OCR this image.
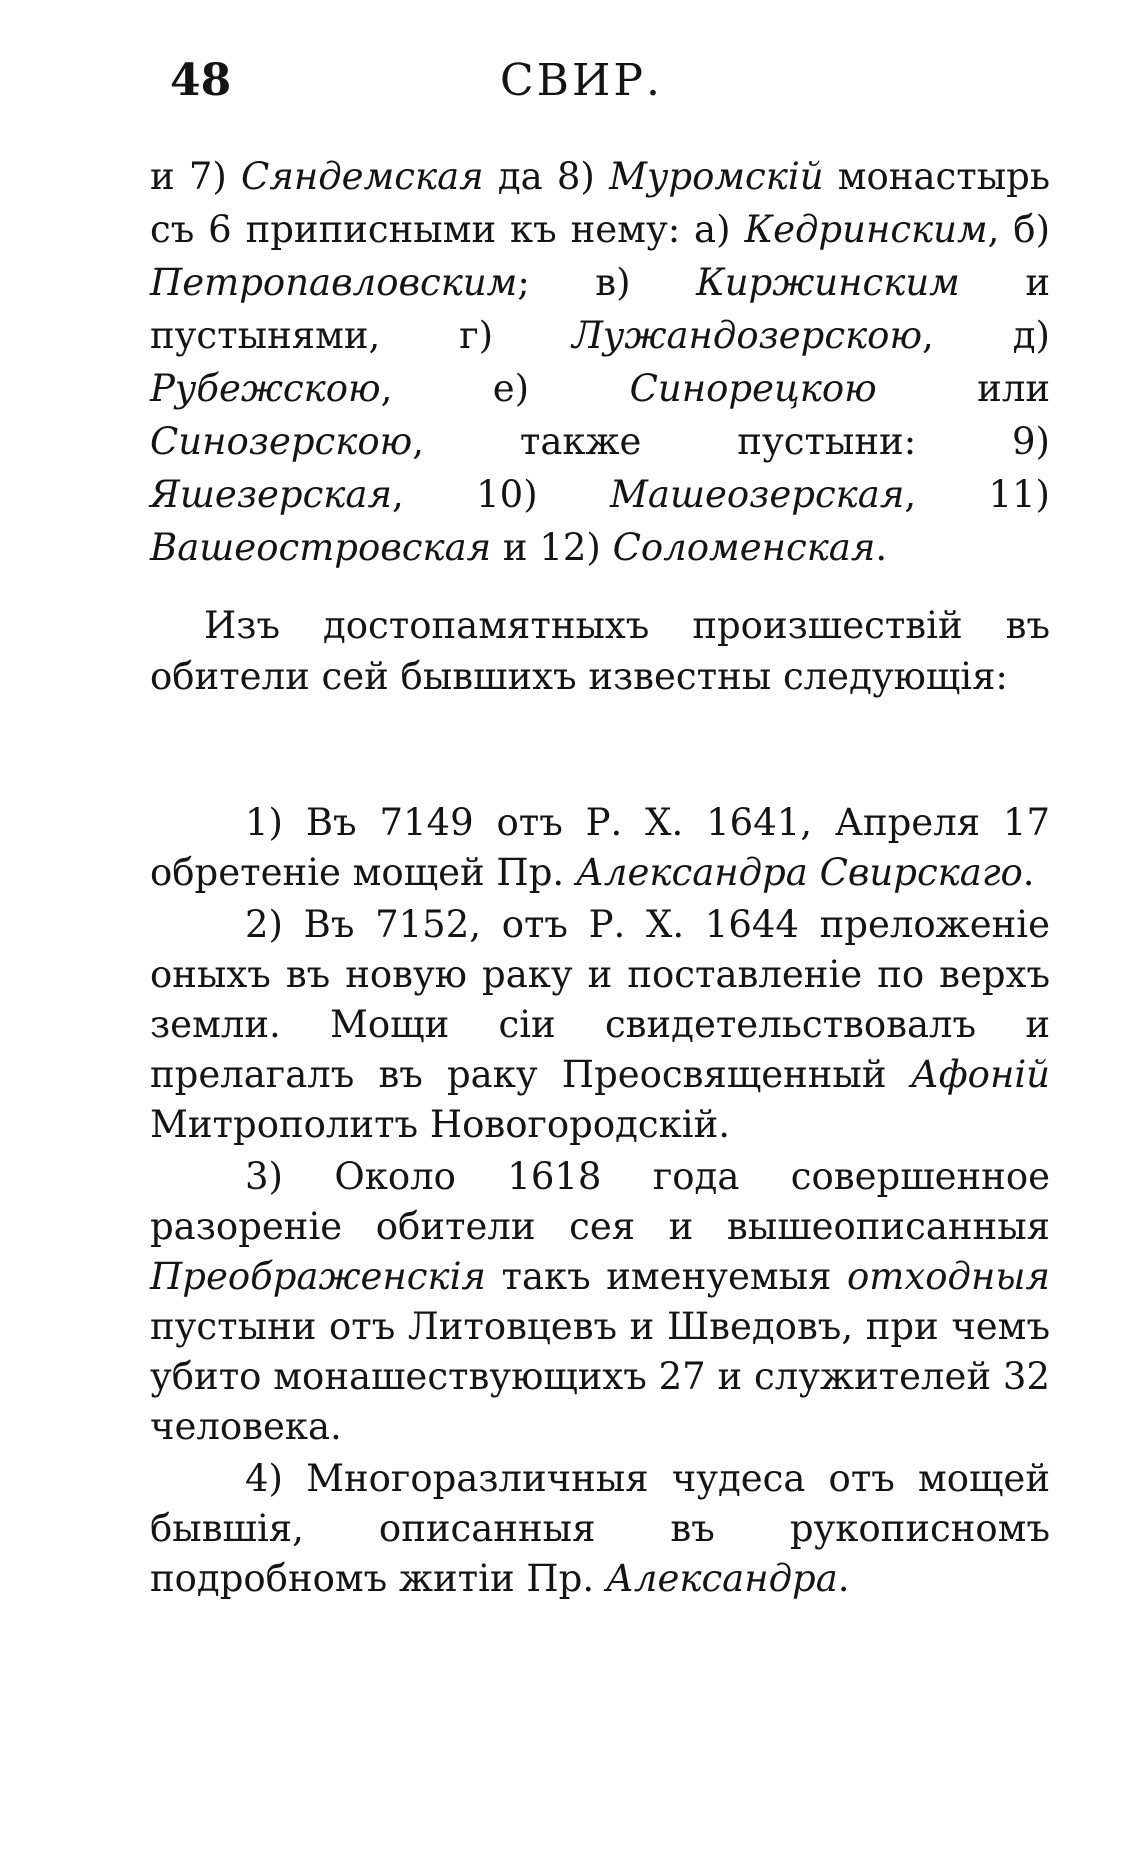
48	СВИР.

и 7) Сяндемская да 8) Муромскій монастырь съ 6 приписными къ нему: а) Кедринским, б) Петропавловским; в) Киржинским и пустынями, г) Лужандозерскою, д) Рубежскою, е) Синорецкою или Синозерскою, также пустыни: 9) Яшезерская, 10) Машеозерская, 11) Вашеостровская и 12) Соломенская.

Изъ достопамятныхъ произшествій въ обители сей бывшихъ известны следующія:

1) Въ 7149 отъ Р. Х. 1641, Апреля 17 обретеніе мощей Пр. Александра Свирскаго.

2) Въ 7152, отъ Р. Х. 1644 преложеніе оныхъ въ новую раку и поставленіе по верхъ земли. Мощи сіи свидетельствовалъ и прелагалъ въ раку Преосвященный Афоній Митрополитъ Новогородскій.

3) Около 1618 года совершенное разореніе обители сея и вышеописанныя Преображенскія такъ именуемыя отходныя пустыни отъ Литовцевъ и Шведовъ, при чемъ убито монашествующихъ 27 и служителей 32 человека.

4) Многоразличныя чудеса отъ мощей бывшія, описанныя въ рукописномъ подробномъ житіи Пр. Александра.
